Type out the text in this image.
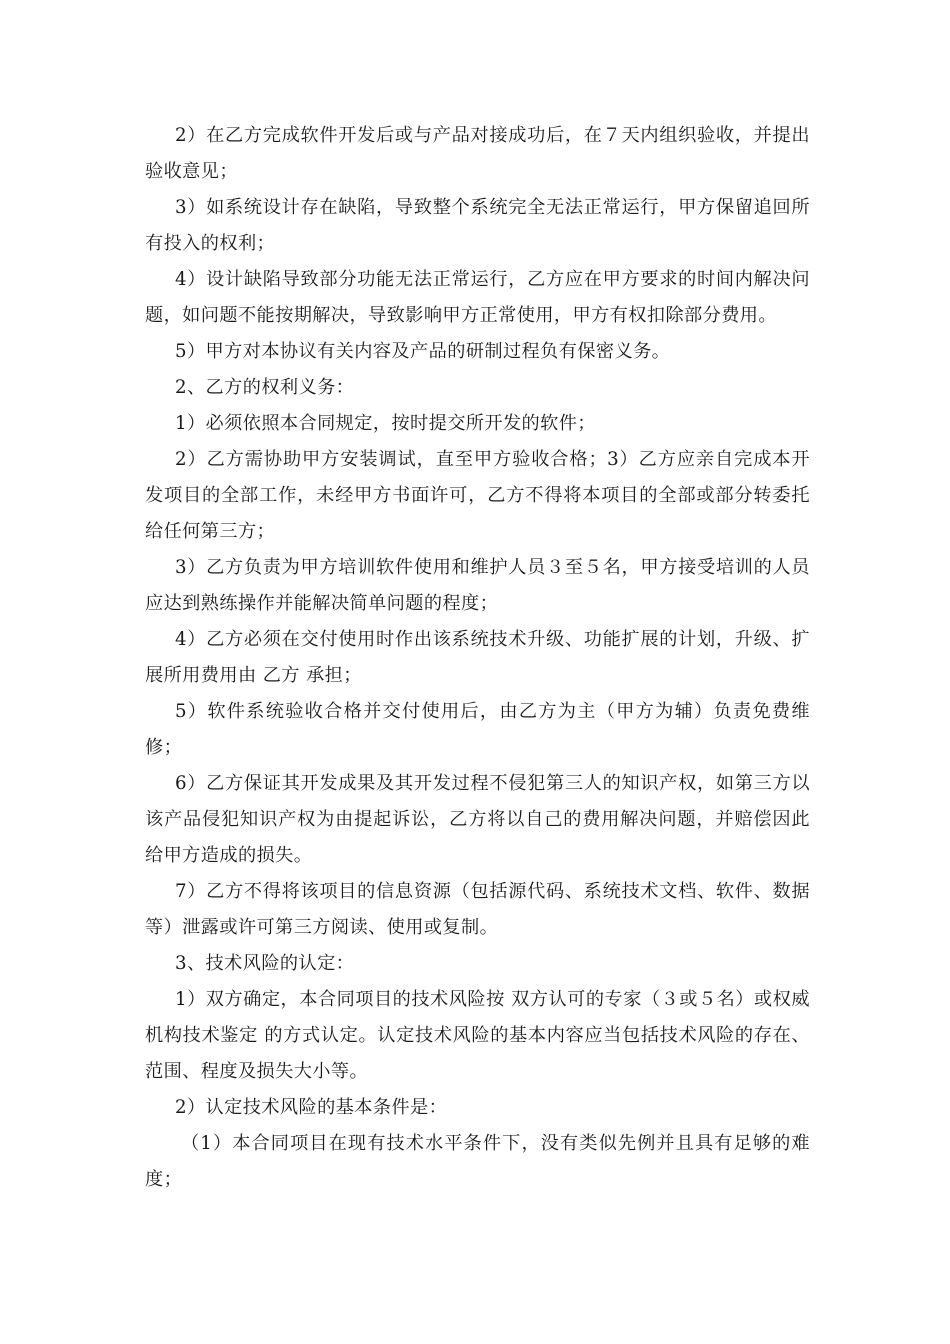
2）在乙方完成软件开发后或与产品对接成功后，在７天内组织验收，并提出验收意见；

3）如系统设计存在缺陷，导致整个系统完全无法正常运行，甲方保留追回所有投入的权利；

4）设计缺陷导致部分功能无法正常运行，乙方应在甲方要求的时间内解决问题，如问题不能按期解决，导致影响甲方正常使用，甲方有权扣除部分费用。

5）甲方对本协议有关内容及产品的研制过程负有保密义务。

2、乙方的权利义务：

1）必须依照本合同规定，按时提交所开发的软件；

2）乙方需协助甲方安装调试，直至甲方验收合格；3）乙方应亲自完成本开发项目的全部工作，未经甲方书面许可，乙方不得将本项目的全部或部分转委托给任何第三方；

3）乙方负责为甲方培训软件使用和维护人员３至５名，甲方接受培训的人员应达到熟练操作并能解决简单问题的程度；

4）乙方必须在交付使用时作出该系统技术升级、功能扩展的计划，升级、扩展所用费用由 乙方 承担；

5）软件系统验收合格并交付使用后，由乙方为主（甲方为辅）负责免费维修；

6）乙方保证其开发成果及其开发过程不侵犯第三人的知识产权，如第三方以该产品侵犯知识产权为由提起诉讼，乙方将以自己的费用解决问题，并赔偿因此给甲方造成的损失。

7）乙方不得将该项目的信息资源（包括源代码、系统技术文档、软件、数据等）泄露或许可第三方阅读、使用或复制。

3、技术风险的认定：

1）双方确定，本合同项目的技术风险按 双方认可的专家（３或５名）或权威机构技术鉴定 的方式认定。认定技术风险的基本内容应当包括技术风险的存在、范围、程度及损失大小等。

2）认定技术风险的基本条件是：

（1）本合同项目在现有技术水平条件下，没有类似先例并且具有足够的难度；
